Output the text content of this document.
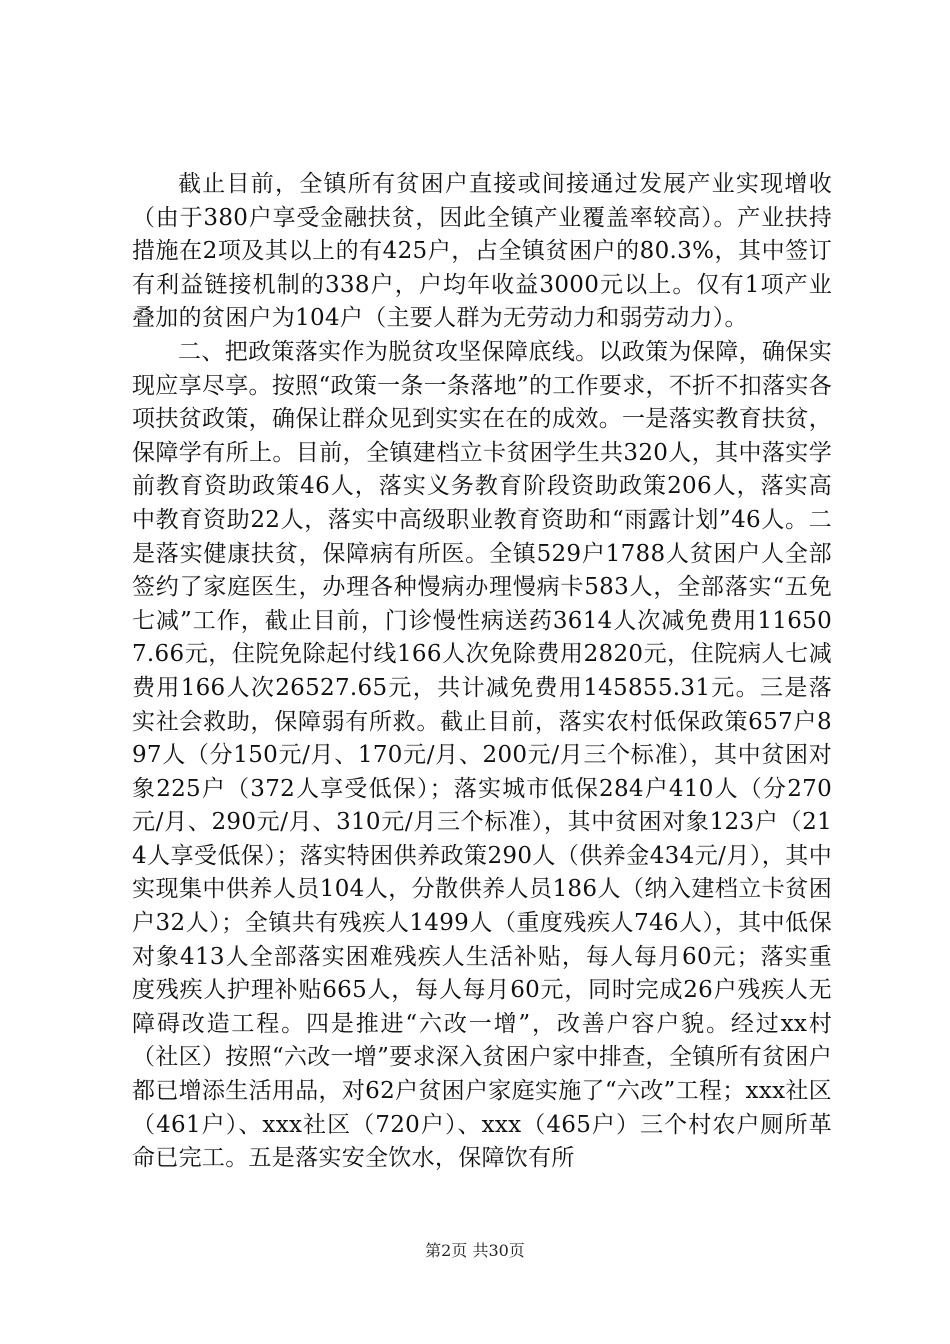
截止目前，全镇所有贫困户直接或间接通过发展产业实现增收（由于380户享受金融扶贫，因此全镇产业覆盖率较高）。产业扶持措施在2项及其以上的有425户，占全镇贫困户的80.3%，其中签订有利益链接机制的338户，户均年收益3000元以上。仅有1项产业叠加的贫困户为104户（主要人群为无劳动力和弱劳动力）。

二、把政策落实作为脱贫攻坚保障底线。以政策为保障，确保实现应享尽享。按照“政策一条一条落地”的工作要求，不折不扣落实各项扶贫政策，确保让群众见到实实在在的成效。一是落实教育扶贫，保障学有所上。目前，全镇建档立卡贫困学生共320人，其中落实学前教育资助政策46人，落实义务教育阶段资助政策206人，落实高中教育资助22人，落实中高级职业教育资助和“雨露计划”46人。二是落实健康扶贫，保障病有所医。全镇529户1788人贫困户人全部签约了家庭医生，办理各种慢病办理慢病卡583人，全部落实“五免七减”工作，截止目前，门诊慢性病送药3614人次减免费用116507.66元，住院免除起付线166人次免除费用2820元，住院病人七减费用166人次26527.65元，共计减免费用145855.31元。三是落实社会救助，保障弱有所救。截止目前，落实农村低保政策657户897人（分150元/月、170元/月、200元/月三个标准），其中贫困对象225户（372人享受低保）；落实城市低保284户410人（分270元/月、290元/月、310元/月三个标准），其中贫困对象123户（214人享受低保）；落实特困供养政策290人（供养金434元/月），其中实现集中供养人员104人，分散供养人员186人（纳入建档立卡贫困户32人）；全镇共有残疾人1499人（重度残疾人746人），其中低保对象413人全部落实困难残疾人生活补贴，每人每月60元；落实重度残疾人护理补贴665人，每人每月60元，同时完成26户残疾人无障碍改造工程。四是推进“六改一增”，改善户容户貌。经过xx村（社区）按照“六改一增”要求深入贫困户家中排查，全镇所有贫困户都已增添生活用品，对62户贫困户家庭实施了“六改”工程；xxx社区（461户）、xxx社区（720户）、xxx（465户）三个村农户厕所革命已完工。五是落实安全饮水，保障饮有所

第2页 共30页
